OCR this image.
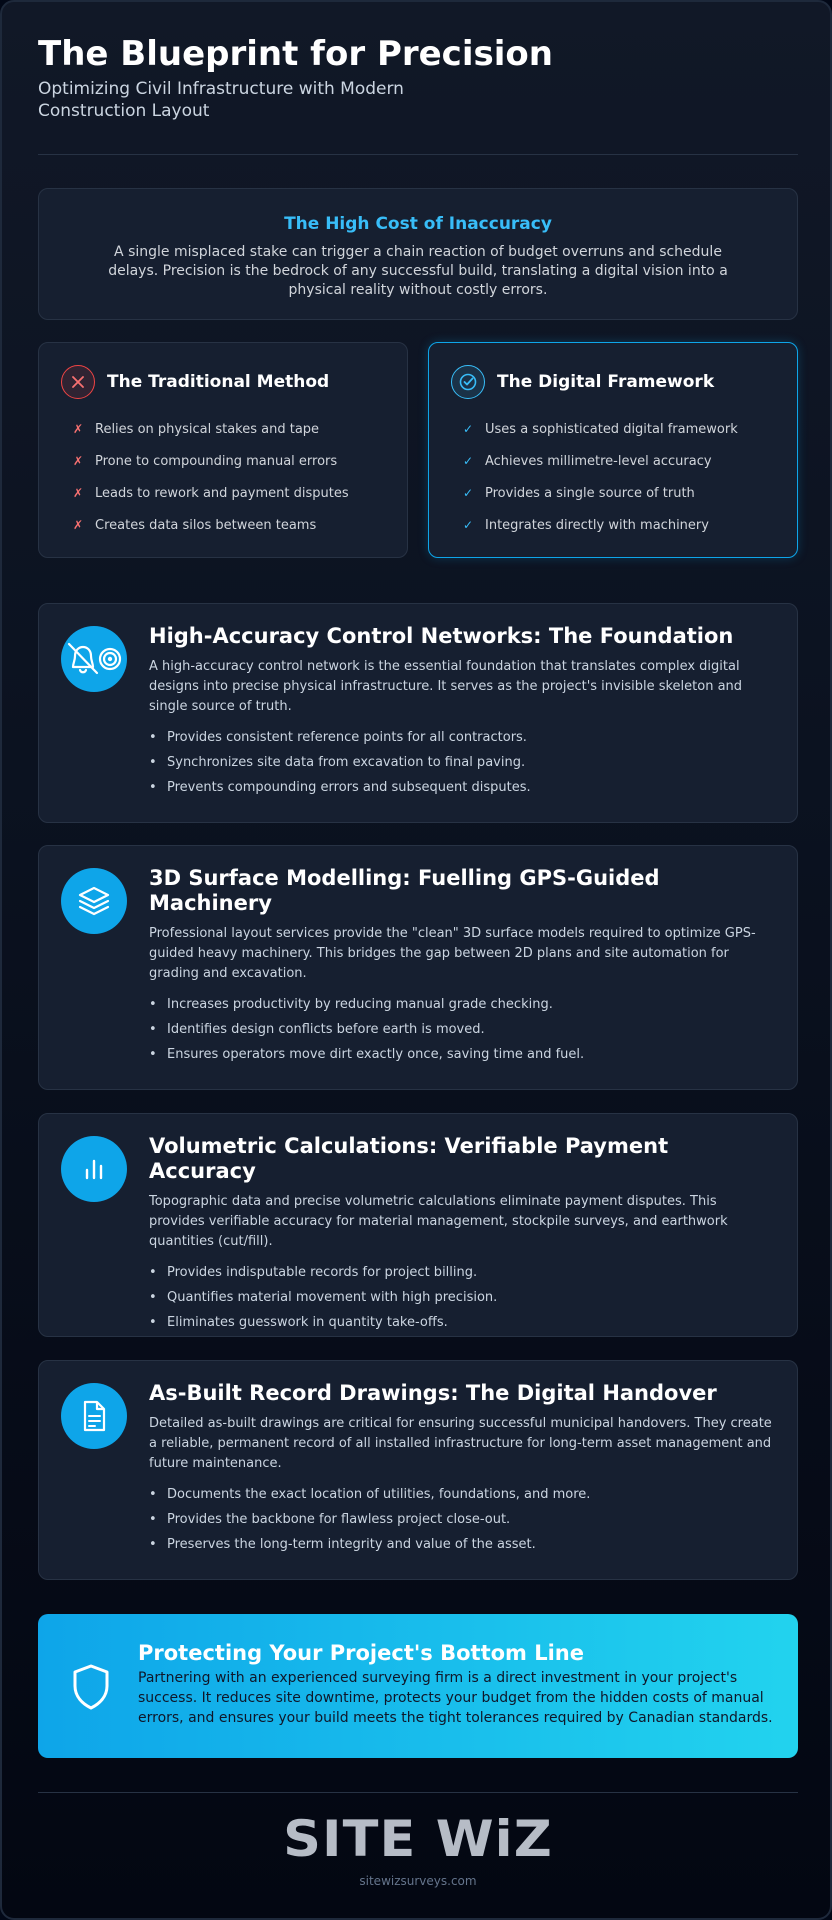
The Blueprint for Precision
Optimizing Civil Infrastructure with Modern Construction Layout
The High Cost of Inaccuracy
A single misplaced stake can trigger a chain reaction of budget overruns and schedule delays. Precision is the bedrock of any successful build, translating a digital vision into a physical reality without costly errors.
The Traditional Method
✗ Relies on physical stakes and tape
✗ Prone to compounding manual errors
✗ Leads to rework and payment disputes
✗ Creates data silos between teams
The Digital Framework
✓ Uses a sophisticated digital framework
✓ Achieves millimetre-level accuracy
✓ Provides a single source of truth
✓ Integrates directly with machinery
High-Accuracy Control Networks: The Foundation
A high-accuracy control network is the essential foundation that translates complex digital designs into precise physical infrastructure. It serves as the project's invisible skeleton and single source of truth.
• Provides consistent reference points for all contractors.
• Synchronizes site data from excavation to final paving.
• Prevents compounding errors and subsequent disputes.
3D Surface Modelling: Fuelling GPS-Guided Machinery
Professional layout services provide the "clean" 3D surface models required to optimize GPS-guided heavy machinery. This bridges the gap between 2D plans and site automation for grading and excavation.
• Increases productivity by reducing manual grade checking.
• Identifies design conflicts before earth is moved.
• Ensures operators move dirt exactly once, saving time and fuel.
Volumetric Calculations: Verifiable Payment Accuracy
Topographic data and precise volumetric calculations eliminate payment disputes. This provides verifiable accuracy for material management, stockpile surveys, and earthwork quantities (cut/fill).
• Provides indisputable records for project billing.
• Quantifies material movement with high precision.
• Eliminates guesswork in quantity take-offs.
As-Built Record Drawings: The Digital Handover
Detailed as-built drawings are critical for ensuring successful municipal handovers. They create a reliable, permanent record of all installed infrastructure for long-term asset management and future maintenance.
• Documents the exact location of utilities, foundations, and more.
• Provides the backbone for flawless project close-out.
• Preserves the long-term integrity and value of the asset.
Protecting Your Project's Bottom Line
Partnering with an experienced surveying firm is a direct investment in your project's success. It reduces site downtime, protects your budget from the hidden costs of manual errors, and ensures your build meets the tight tolerances required by Canadian standards.
SITE WiZ
sitewizsurveys.com
